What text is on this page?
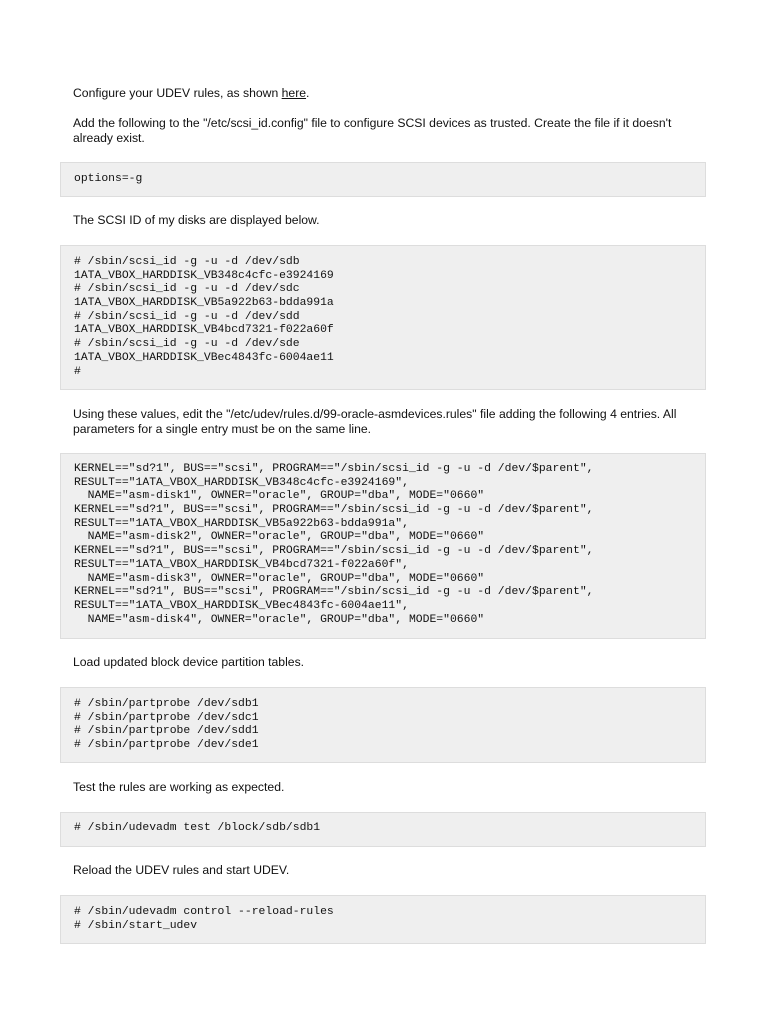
Configure your UDEV rules, as shown here.

Add the following to the "/etc/scsi_id.config" file to configure SCSI devices as trusted. Create the file if it doesn't already exist.

options=-g

The SCSI ID of my disks are displayed below.

# /sbin/scsi_id -g -u -d /dev/sdb
1ATA_VBOX_HARDDISK_VB348c4cfc-e3924169
# /sbin/scsi_id -g -u -d /dev/sdc
1ATA_VBOX_HARDDISK_VB5a922b63-bdda991a
# /sbin/scsi_id -g -u -d /dev/sdd
1ATA_VBOX_HARDDISK_VB4bcd7321-f022a60f
# /sbin/scsi_id -g -u -d /dev/sde
1ATA_VBOX_HARDDISK_VBec4843fc-6004ae11
#

Using these values, edit the "/etc/udev/rules.d/99-oracle-asmdevices.rules" file adding the following 4 entries. All parameters for a single entry must be on the same line.

KERNEL=="sd?1", BUS=="scsi", PROGRAM=="/sbin/scsi_id -g -u -d /dev/$parent",
RESULT=="1ATA_VBOX_HARDDISK_VB348c4cfc-e3924169",
NAME="asm-disk1", OWNER="oracle", GROUP="dba", MODE="0660"
KERNEL=="sd?1", BUS=="scsi", PROGRAM=="/sbin/scsi_id -g -u -d /dev/$parent",
RESULT=="1ATA_VBOX_HARDDISK_VB5a922b63-bdda991a",
NAME="asm-disk2", OWNER="oracle", GROUP="dba", MODE="0660"
KERNEL=="sd?1", BUS=="scsi", PROGRAM=="/sbin/scsi_id -g -u -d /dev/$parent",
RESULT=="1ATA_VBOX_HARDDISK_VB4bcd7321-f022a60f",
NAME="asm-disk3", OWNER="oracle", GROUP="dba", MODE="0660"
KERNEL=="sd?1", BUS=="scsi", PROGRAM=="/sbin/scsi_id -g -u -d /dev/$parent",
RESULT=="1ATA_VBOX_HARDDISK_VBec4843fc-6004ae11",
NAME="asm-disk4", OWNER="oracle", GROUP="dba", MODE="0660"

Load updated block device partition tables.

# /sbin/partprobe /dev/sdb1
# /sbin/partprobe /dev/sdc1
# /sbin/partprobe /dev/sdd1
# /sbin/partprobe /dev/sde1

Test the rules are working as expected.

# /sbin/udevadm test /block/sdb/sdb1

Reload the UDEV rules and start UDEV.

# /sbin/udevadm control --reload-rules
# /sbin/start_udev
